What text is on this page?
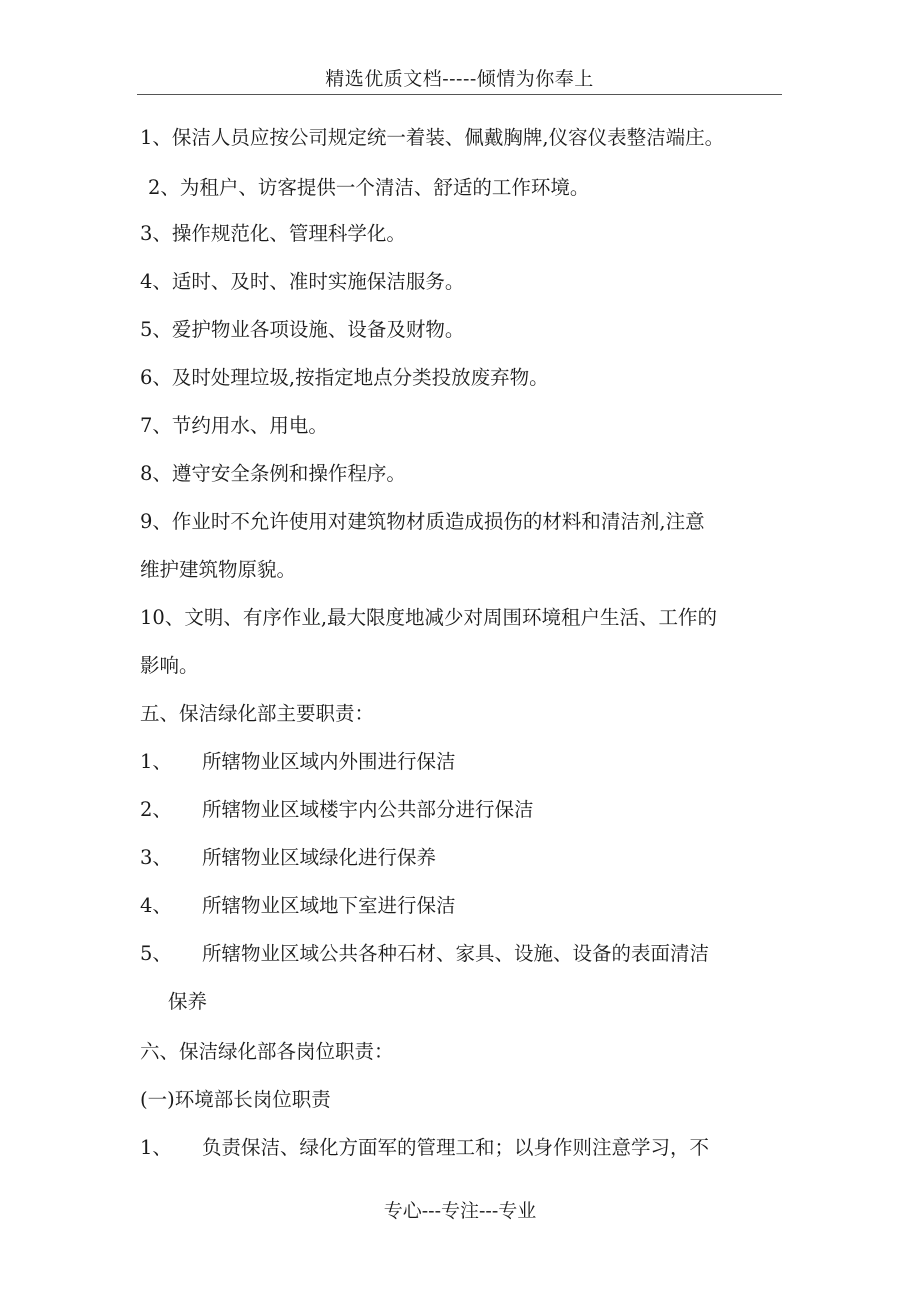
精选优质文档-----倾情为你奉上
1、保洁人员应按公司规定统一着装、佩戴胸牌,仪容仪表整洁端庄。
2、为租户、访客提供一个清洁、舒适的工作环境。
3、操作规范化、管理科学化。
4、适时、及时、准时实施保洁服务。
5、爱护物业各项设施、设备及财物。
6、及时处理垃圾,按指定地点分类投放废弃物。
7、节约用水、用电。
8、遵守安全条例和操作程序。
9、作业时不允许使用对建筑物材质造成损伤的材料和清洁剂,注意
维护建筑物原貌。
10、文明、有序作业,最大限度地减少对周围环境租户生活、工作的
影响。
五、保洁绿化部主要职责：
1、 所辖物业区域内外围进行保洁
2、 所辖物业区域楼宇内公共部分进行保洁
3、 所辖物业区域绿化进行保养
4、 所辖物业区域地下室进行保洁
5、 所辖物业区域公共各种石材、家具、设施、设备的表面清洁
保养
六、保洁绿化部各岗位职责：
(一)环境部长岗位职责
1、 负责保洁、绿化方面军的管理工和；以身作则注意学习，不
专心---专注---专业
